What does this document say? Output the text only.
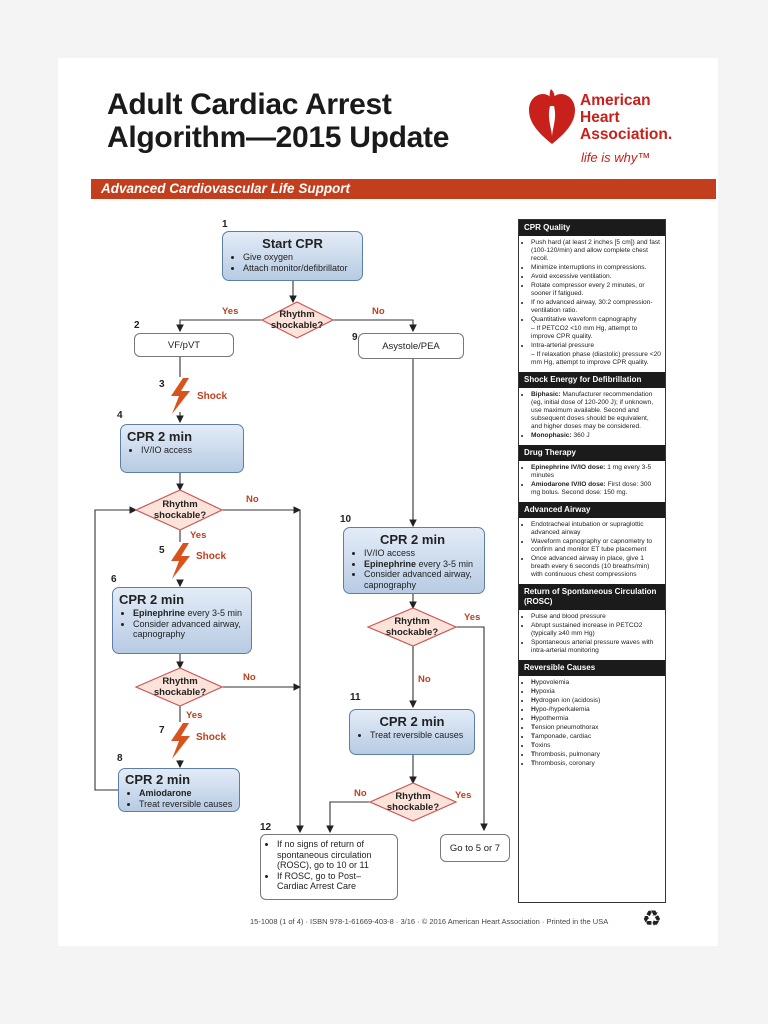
Adult Cardiac Arrest
Algorithm—2015 Update
American
Heart
Association.
life is why™
Advanced Cardiovascular Life Support
1
2
3
4
5
6
7
8
9
10
11
12
Start CPR
• Give oxygen
• Attach monitor/defibrillator
Rhythm
shockable?
Rhythm
shockable?
Rhythm
shockable?
Rhythm
shockable?
Rhythm
shockable?
Yes	No
No
Yes
No
Yes
Yes
No
No	Yes
VF/pVT	Asystole/PEA
Shock
Shock
Shock
CPR 2 min
• IV/IO access
CPR 2 min
• Epinephrine every 3-5 min
• Consider advanced airway, capnography
CPR 2 min
• Amiodarone
• Treat reversible causes
CPR 2 min
• IV/IO access
• Epinephrine every 3-5 min
• Consider advanced airway, capnography
CPR 2 min
• Treat reversible causes
• If no signs of return of spontaneous circulation (ROSC), go to 10 or 11
• If ROSC, go to Post–Cardiac Arrest Care
Go to 5 or 7
CPR Quality
• Push hard (at least 2 inches [5 cm]) and fast (100-120/min) and allow complete chest recoil.
• Minimize interruptions in compressions.
• Avoid excessive ventilation.
• Rotate compressor every 2 minutes, or sooner if fatigued.
• If no advanced airway, 30:2 compression-ventilation ratio.
• Quantitative waveform capnography
– If PETCO2 <10 mm Hg, attempt to improve CPR quality.
• Intra-arterial pressure
– If relaxation phase (diastolic) pressure <20 mm Hg, attempt to improve CPR quality.
Shock Energy for Defibrillation
• Biphasic: Manufacturer recommendation (eg, initial dose of 120-200 J); if unknown, use maximum available. Second and subsequent doses should be equivalent, and higher doses may be considered.
• Monophasic: 360 J
Drug Therapy
• Epinephrine IV/IO dose: 1 mg every 3-5 minutes
• Amiodarone IV/IO dose: First dose: 300 mg bolus. Second dose: 150 mg.
Advanced Airway
• Endotracheal intubation or supraglottic advanced airway
• Waveform capnography or capnometry to confirm and monitor ET tube placement
• Once advanced airway in place, give 1 breath every 6 seconds (10 breaths/min) with continuous chest compressions
Return of Spontaneous Circulation (ROSC)
• Pulse and blood pressure
• Abrupt sustained increase in PETCO2 (typically ≥40 mm Hg)
• Spontaneous arterial pressure waves with intra-arterial monitoring
Reversible Causes
• Hypovolemia
• Hypoxia
• Hydrogen ion (acidosis)
• Hypo-/hyperkalemia
• Hypothermia
• Tension pneumothorax
• Tamponade, cardiac
• Toxins
• Thrombosis, pulmonary
• Thrombosis, coronary
15-1008 (1 of 4) · ISBN 978-1-61669-403-8 · 3/16 · © 2016 American Heart Association · Printed in the USA ♻
